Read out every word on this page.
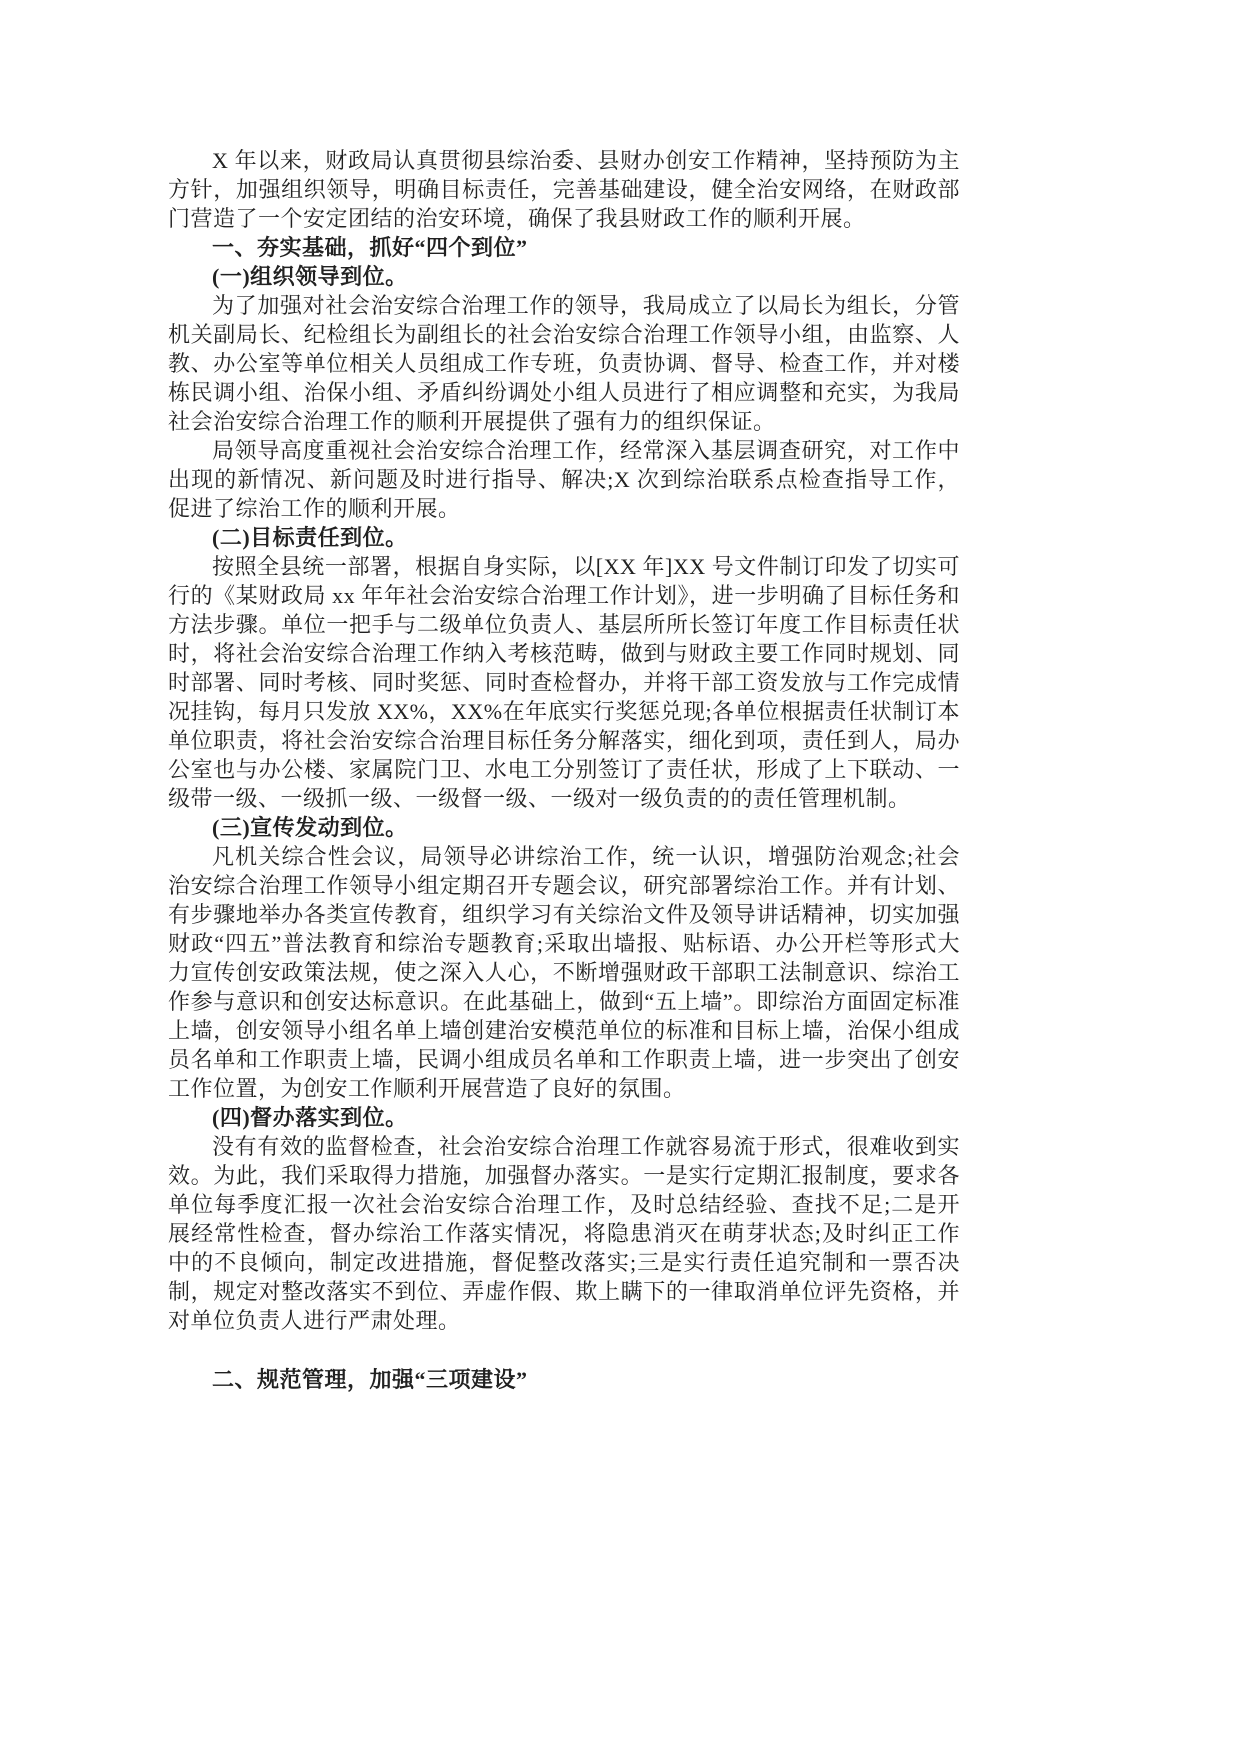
X 年以来，财政局认真贯彻县综治委、县财办创安工作精神，坚持预防为主方针，加强组织领导，明确目标责任，完善基础建设，健全治安网络，在财政部门营造了一个安定团结的治安环境，确保了我县财政工作的顺利开展。

一、夯实基础，抓好“四个到位”

(一)组织领导到位。

为了加强对社会治安综合治理工作的领导，我局成立了以局长为组长，分管机关副局长、纪检组长为副组长的社会治安综合治理工作领导小组，由监察、人教、办公室等单位相关人员组成工作专班，负责协调、督导、检查工作，并对楼栋民调小组、治保小组、矛盾纠纷调处小组人员进行了相应调整和充实，为我局社会治安综合治理工作的顺利开展提供了强有力的组织保证。

局领导高度重视社会治安综合治理工作，经常深入基层调查研究，对工作中出现的新情况、新问题及时进行指导、解决;X 次到综治联系点检查指导工作，促进了综治工作的顺利开展。

(二)目标责任到位。

按照全县统一部署，根据自身实际，以[XX 年]XX 号文件制订印发了切实可行的《某财政局 xx 年年社会治安综合治理工作计划》，进一步明确了目标任务和方法步骤。单位一把手与二级单位负责人、基层所所长签订年度工作目标责任状时，将社会治安综合治理工作纳入考核范畴，做到与财政主要工作同时规划、同时部署、同时考核、同时奖惩、同时查检督办，并将干部工资发放与工作完成情况挂钩，每月只发放 XX%，XX%在年底实行奖惩兑现;各单位根据责任状制订本单位职责，将社会治安综合治理目标任务分解落实，细化到项，责任到人，局办公室也与办公楼、家属院门卫、水电工分别签订了责任状，形成了上下联动、一级带一级、一级抓一级、一级督一级、一级对一级负责的的责任管理机制。

(三)宣传发动到位。

凡机关综合性会议，局领导必讲综治工作，统一认识，增强防治观念;社会治安综合治理工作领导小组定期召开专题会议，研究部署综治工作。并有计划、有步骤地举办各类宣传教育，组织学习有关综治文件及领导讲话精神，切实加强财政“四五”普法教育和综治专题教育;采取出墙报、贴标语、办公开栏等形式大力宣传创安政策法规，使之深入人心，不断增强财政干部职工法制意识、综治工作参与意识和创安达标意识。在此基础上，做到“五上墙”。即综治方面固定标准上墙，创安领导小组名单上墙创建治安模范单位的标准和目标上墙，治保小组成员名单和工作职责上墙，民调小组成员名单和工作职责上墙，进一步突出了创安工作位置，为创安工作顺利开展营造了良好的氛围。

(四)督办落实到位。

没有有效的监督检查，社会治安综合治理工作就容易流于形式，很难收到实效。为此，我们采取得力措施，加强督办落实。一是实行定期汇报制度，要求各单位每季度汇报一次社会治安综合治理工作，及时总结经验、查找不足;二是开展经常性检查，督办综治工作落实情况，将隐患消灭在萌芽状态;及时纠正工作中的不良倾向，制定改进措施，督促整改落实;三是实行责任追究制和一票否决制，规定对整改落实不到位、弄虚作假、欺上瞒下的一律取消单位评先资格，并对单位负责人进行严肃处理。

二、规范管理，加强“三项建设”
